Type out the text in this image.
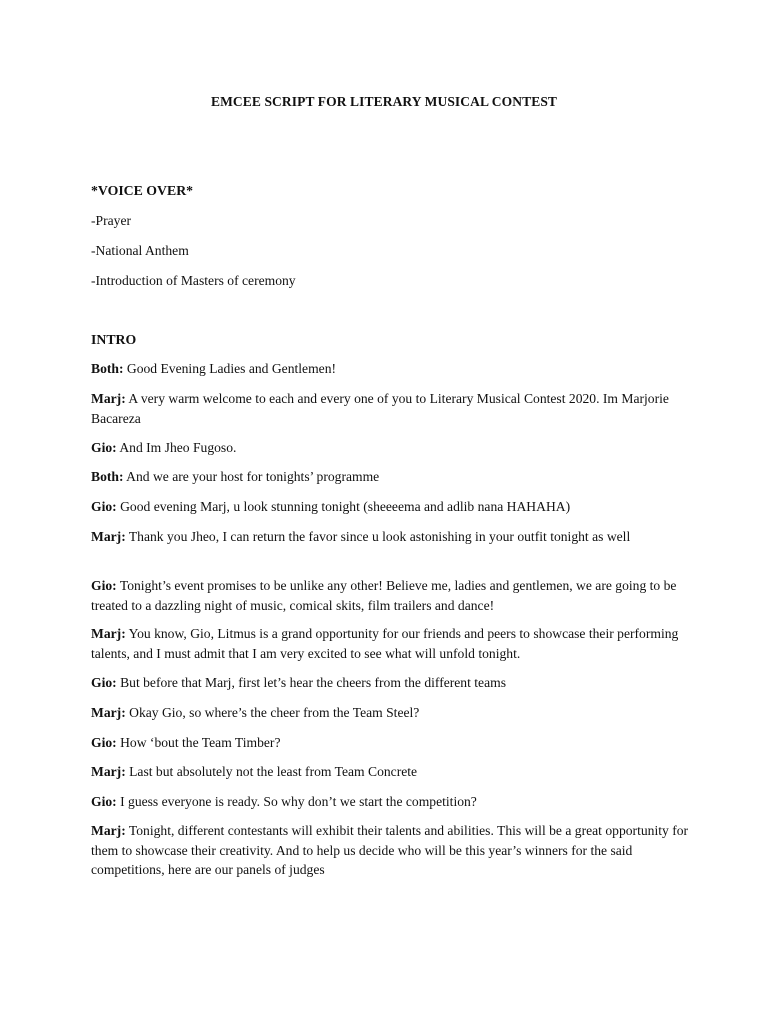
EMCEE SCRIPT FOR LITERARY MUSICAL CONTEST

*VOICE OVER*

-Prayer

-National Anthem

-Introduction of Masters of ceremony

INTRO

Both: Good Evening Ladies and Gentlemen!

Marj: A very warm welcome to each and every one of you to Literary Musical Contest 2020. Im Marjorie Bacareza

Gio: And Im Jheo Fugoso.

Both: And we are your host for tonights’ programme

Gio: Good evening Marj, u look stunning tonight (sheeeema and adlib nana HAHAHA)

Marj: Thank you Jheo, I can return the favor since u look astonishing in your outfit tonight as well

Gio: Tonight’s event promises to be unlike any other! Believe me, ladies and gentlemen, we are going to be treated to a dazzling night of music, comical skits, film trailers and dance!

Marj: You know, Gio, Litmus is a grand opportunity for our friends and peers to showcase their performing talents, and I must admit that I am very excited to see what will unfold tonight.

Gio: But before that Marj, first let’s hear the cheers from the different teams

Marj: Okay Gio, so where’s the cheer from the Team Steel?

Gio: How ‘bout the Team Timber?

Marj: Last but absolutely not the least from Team Concrete

Gio: I guess everyone is ready. So why don’t we start the competition?

Marj: Tonight, different contestants will exhibit their talents and abilities. This will be a great opportunity for them to showcase their creativity. And to help us decide who will be this year’s winners for the said competitions, here are our panels of judges
